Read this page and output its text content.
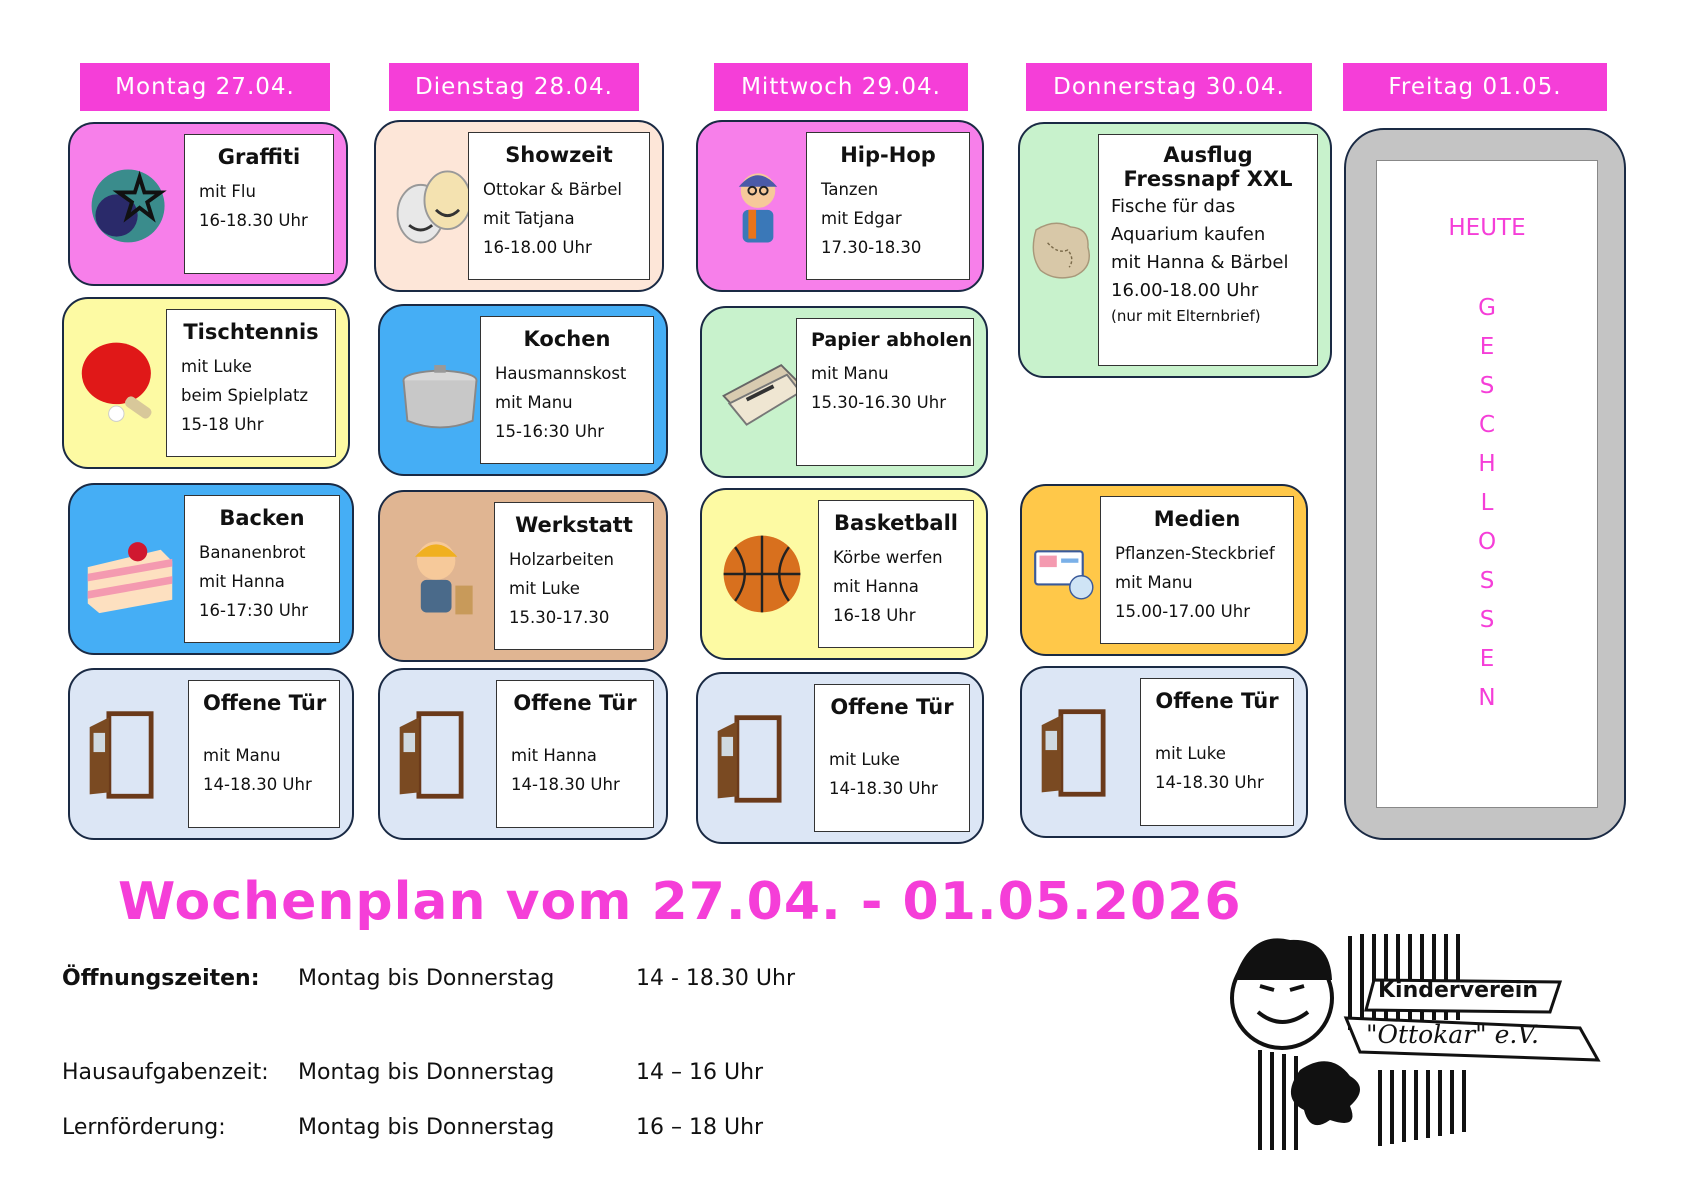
Montag 27.04.	Dienstag 28.04.	Mittwoch 29.04.	Donnerstag 30.04.	Freitag 01.05.
Graffiti
mit Flu
16-18.30 Uhr
Tischtennis
mit Luke
beim Spielplatz
15-18 Uhr
Backen
Bananenbrot
mit Hanna
16-17:30 Uhr
Offene Tür
mit Manu
14-18.30 Uhr
Showzeit
Ottokar & Bärbel
mit Tatjana
16-18.00 Uhr
Kochen
Hausmannskost
mit Manu
15-16:30 Uhr
Werkstatt
Holzarbeiten
mit Luke
15.30-17.30
Offene Tür
mit Hanna
14-18.30 Uhr
Hip-Hop
Tanzen
mit Edgar
17.30-18.30
Papier abholen
mit Manu
15.30-16.30 Uhr
Basketball
Körbe werfen
mit Hanna
16-18 Uhr
Offene Tür
mit Luke
14-18.30 Uhr
Ausflug
Fressnapf XXL
Fische für das
Aquarium kaufen
mit Hanna & Bärbel
16.00-18.00 Uhr
(nur mit Elternbrief)
Medien
Pflanzen-Steckbrief
mit Manu
15.00-17.00 Uhr
Offene Tür
mit Luke
14-18.30 Uhr
HEUTE
G
E
S
C
H
L
O
S
S
E
N
Wochenplan vom 27.04. - 01.05.2026
Öffnungszeiten: Montag bis Donnerstag	14 - 18.30 Uhr
Hausaufgabenzeit: Montag bis Donnerstag	14 – 16 Uhr
Lernförderung:	Montag bis Donnerstag	16 – 18 Uhr
Kinderverein
"Ottokar" e.V.
